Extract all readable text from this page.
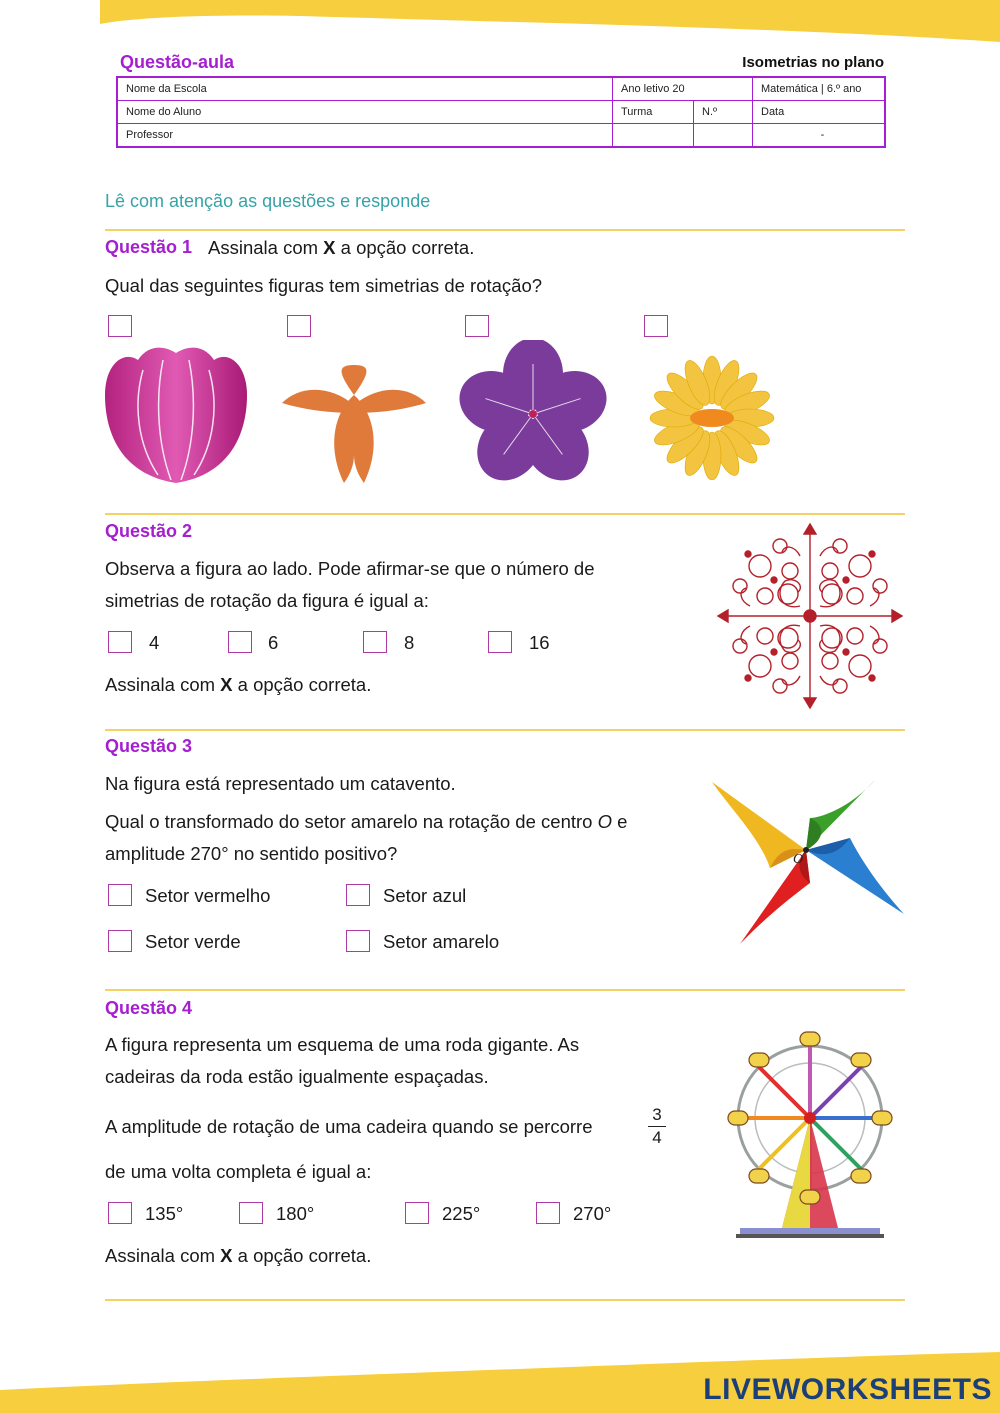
Questão-aula	Isometrias no plano
Nome da Escola	Ano letivo 20		Matemática | 6.º ano
Nome do Aluno	Turma	N.º	Data
Professor			-
Lê com atenção as questões e responde
Questão 1 Assinala com X a opção correta.
Qual das seguintes figuras tem simetrias de rotação?
Questão 2
Observa a figura ao lado. Pode afirmar-se que o número de
simetrias de rotação da figura é igual a:
4	6	8	16
Assinala com X a opção correta.
Questão 3
Na figura está representado um catavento.
Qual o transformado do setor amarelo na rotação de centro O e
amplitude 270° no sentido positivo?
Setor vermelho	Setor azul
Setor verde	Setor amarelo
O
Questão 4
A figura representa um esquema de uma roda gigante. As
cadeiras da roda estão igualmente espaçadas.
A amplitude de rotação de uma cadeira quando se percorre
3
4
de uma volta completa é igual a:
135°	180°	225°	270°
Assinala com X a opção correta.
LIVEWORKSHEETS
